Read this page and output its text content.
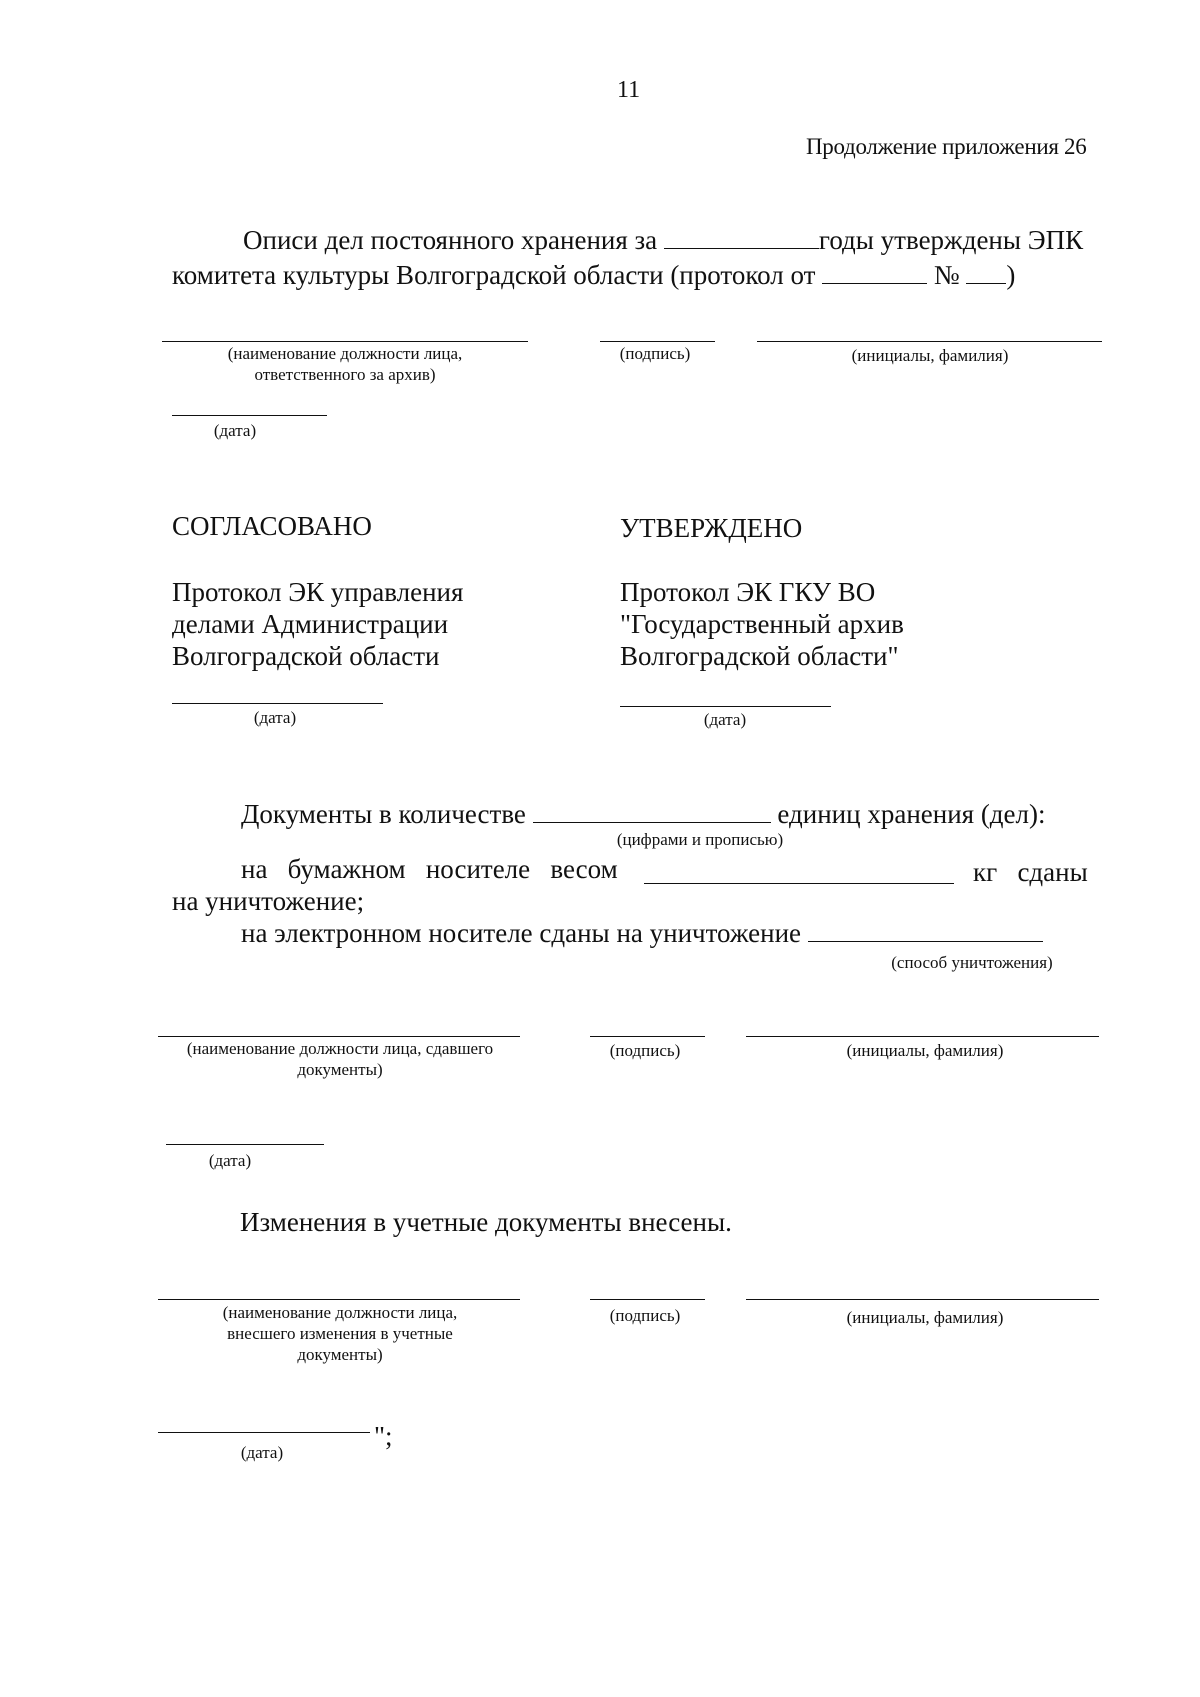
11
Продолжение приложения 26
Описи дел постоянного хранения за	годы утверждены ЭПК
комитета культуры Волгоградской области (протокол от	№ )
(наименование должности лица, ответственного за архив)
(подпись)	(инициалы, фамилия)
(дата)
СОГЛАСОВАНО
Протокол ЭК управления
делами Администрации
Волгоградской области
(дата)
УТВЕРЖДЕНО
Протокол ЭК ГКУ ВО
"Государственный архив
Волгоградской области"
(дата)
Документы в количестве	единиц хранения (дел):
(цифрами и прописью)
на   бумажном   носителе   весом	кг   сданы
на уничтожение;
на электронном носителе сданы на уничтожение
(способ уничтожения)
(наименование должности лица, сдавшего документы)
(подпись)	(инициалы, фамилия)
(дата)
Изменения в учетные документы внесены.
(наименование должности лица, внесшего изменения в учетные документы)
(подпись)	(инициалы, фамилия)
(дата)
";
